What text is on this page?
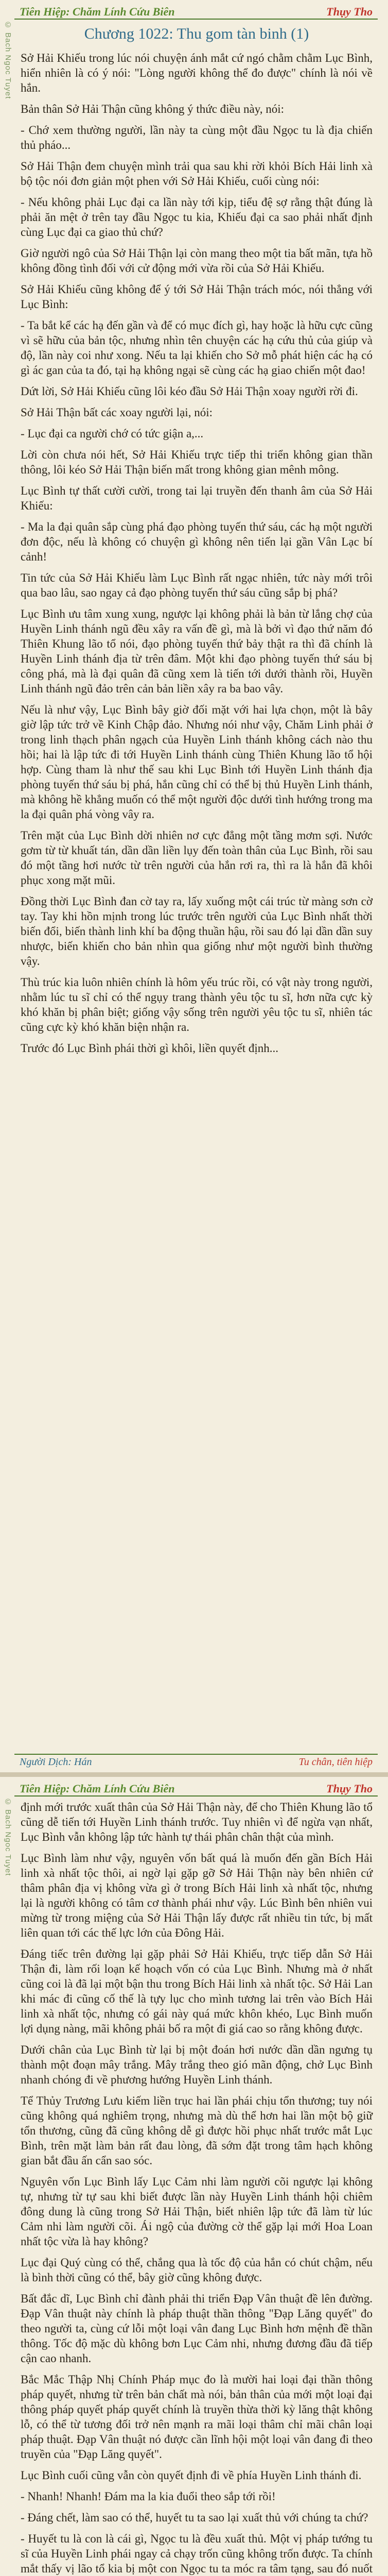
Tiên Hiệp: Chăm Lính Cứu Biên	Thụy Tho
© Bach Ngoc Tuyet	Chương 1022: Thu gom tàn binh (1)

Sở Hải Khiếu trong lúc nói chuyện ánh mắt cứ ngó chằm chằm Lục Bình, hiển nhiên là có ý nói: "Lòng người không thể đo được" chính là nói về hắn.

Bản thân Sở Hải Thận cũng không ý thức điều này, nói:

- Chớ xem thường người, lần này ta cùng một đầu Ngọc tu là địa chiến thủ pháo...

Sở Hải Thận đem chuyện mình trải qua sau khi rời khỏi Bích Hải linh xà bộ tộc nói đơn giản một phen với Sở Hải Khiếu, cuối cùng nói:

- Nếu không phải Lục đại ca lần này tới kịp, tiểu đệ sợ rằng thật đúng là phải ăn mệt ở trên tay đầu Ngọc tu kia, Khiếu đại ca sao phải nhất định cùng Lục đại ca giao thủ chứ?

Giờ người ngô của Sở Hải Thận lại còn mang theo một tia bất mãn, tựa hồ không đồng tình đối với cử động mới vừa rồi của Sở Hải Khiếu.

Sở Hải Khiếu cũng không để ý tới Sở Hải Thận trách móc, nói thẳng với Lục Bình:

- Ta bắt kể các hạ đến gần và để có mục đích gì, hay hoặc là hữu cực cũng vì sẽ hữu của bản tộc, nhưng nhìn tên chuyện các hạ cứu thủ của giúp và độ, lần này coi như xong. Nếu ta lại khiến cho Sở mỗ phát hiện các hạ có gì ác gan của ta đó, tại hạ không ngại sẽ cùng các hạ giao chiến một đao!

Dứt lời, Sở Hải Khiếu cũng lôi kéo đầu Sở Hải Thận xoay người rời đi.

Sở Hải Thận bất các xoay người lại, nói:

- Lục đại ca người chớ có tức giận a,...

Lời còn chưa nói hết, Sở Hải Khiếu trực tiếp thi triển không gian thần thông, lôi kéo Sở Hải Thận biến mất trong không gian mênh mông.

Lục Bình tự thất cười cười, trong tai lại truyền đến thanh âm của Sở Hải Khiếu:

- Ma la đại quân sắp cùng phá đạo phòng tuyến thứ sáu, các hạ một người đơn độc, nếu là không có chuyện gì không nên tiến lại gần Vân Lạc bí cảnh!

Tin tức của Sở Hải Khiếu làm Lục Bình rất ngạc nhiên, tức này mới trôi qua bao lâu, sao ngay cả đạo phòng tuyến thứ sáu cũng sắp bị phá?

Lục Bình ưu tâm xung xung, ngược lại không phải là bản từ lắng chợ của Huyền Linh thánh ngũ đều xây ra vấn đề gì, mà là bởi vì đạo thứ năm đó Thiên Khung lão tổ nói, đạo phòng tuyến thứ bảy thật ra thì đã chính là Huyền Linh thánh địa từ trên đâm. Một khi đạo phòng tuyến thứ sáu bị công phá, mà là đại quân đã cũng xem là tiến tới dưới thành rồi, Huyền Linh thánh ngũ đảo trên cản bản liền xây ra ba bao vây.

Nếu là như vậy, Lục Bình bây giờ đối mặt với hai lựa chọn, một là bây giờ lập tức trở về Kinh Chập đảo. Nhưng nói như vậy, Chăm Linh phải ở trong linh thạch phân ngạch của Huyền Linh thánh không cách nào thu hồi; hai là lập tức đi tới Huyền Linh thánh cùng Thiên Khung lão tổ hội hợp. Cùng tham là như thế sau khi Lục Bình tới Huyền Linh thánh địa phòng tuyến thứ sáu bị phá, hắn cũng chỉ có thể bị thủ Huyền Linh thánh, mà không hề khẳng muốn có thể một người độc dưới tình hướng trong ma la đại quân phá vòng vây ra.

Trên mặt của Lục Bình dời nhiên nơ cực đẳng một tầng mơm sợi. Nước gơm từ từ khuất tán, dần dần liền lụy đến toàn thân của Lục Bình, rồi sau đó một tầng hơi nước từ trên người của hắn rơi ra, thì ra là hắn đã khôi phục xong mặt mũi.

Đồng thời Lục Bình đan cờ tay ra, lấy xuống một cái trúc từ màng sơn cờ tay. Tay khi hồn mịnh trong lúc trước trên người của Lục Bình nhất thời biến đổi, biến thành linh khí ba động thuần hậu, rồi sau đó lại dần dần suy nhược, biến khiến cho bản nhìn qua giống như một người bình thường vậy.

Thù trúc kia luôn nhiên chính là hôm yếu trúc rồi, có vật này trong người, nhằm lúc tu sĩ chỉ có thể ngụy trang thành yêu tộc tu sĩ, hơn nữa cực kỳ khó khăn bị phân biệt; giống vậy sống trên người yêu tộc tu sĩ, nhiên tác cũng cực kỳ khó khăn biện nhận ra.

Trước đó Lục Bình phái thời gì khôi, liền quyết định...

Người Dịch: Hán	Tu chân, tiên hiệp
Tiên Hiệp: Chăm Lính Cứu Biên	Thụy Tho
© Bach Ngoc Tuyet định mới trước xuất thân của Sở Hải Thận này, để cho Thiên Khung lão tổ cũng dễ tiến tới Huyền Linh thánh trước. Tuy nhiên vì để ngừa vạn nhất, Lục Bình vẫn không lập tức hành tự thái phân chân thật của mình.

Lục Bình làm như vậy, nguyên vốn bất quá là muốn đến gần Bích Hải linh xà nhất tộc thôi, ai ngờ lại gặp gỡ Sở Hải Thận này bên nhiên cứ thâm phân địa vị không vừa gì ở trong Bích Hải linh xà nhất tộc, nhưng lại là người không có tâm cơ thành phái như vậy. Lúc Bình bên nhiên vui mừng từ trong miệng của Sở Hải Thận lấy được rất nhiều tin tức, bị mất liên quan tới các thế lực lớn của Đông Hải.

Đáng tiếc trên đường lại gặp phải Sở Hải Khiếu, trực tiếp dẫn Sở Hải Thận đi, làm rối loạn kế hoạch vốn có của Lục Bình. Nhưng mà ở nhất cũng coi là đã lại một bận thu trong Bích Hải linh xà nhất tộc. Sở Hải Lan khi mác đi cũng cố thế là tựy lục cho mình tương lai trên vào Bích Hải linh xà nhất tộc, nhưng có gái này quá mức khôn khéo, Lục Bình muốn lợi dụng nàng, mãi không phải bố ra một đi giá cao so rằng không được.

Dưới chân của Lục Bình từ lại bị một đoán hơi nước dần dần ngưng tụ thành một đoạn mây trắng. Mây trắng theo gió mãn động, chở Lục Bình nhanh chóng đi về phương hướng Huyền Linh thánh.

Tể Thủy Trương Lưu kiếm liền trục hai lần phái chịu tổn thương; tuy nói cũng không quá nghiêm trọng, nhưng mà dù thể hơn hai lần một bộ giữ tổn thương, cũng đã cũng không dễ gì được hồi phục nhất trước mắt Lục Bình, trên mặt làm bản rất đau lòng, đã sớm đặt trong tâm hạch không gian bắt đầu ấn cẩn sao sóc.

Nguyên vốn Lục Bình lấy Lục Cảm nhi làm người cõi ngược lại không tự, nhưng từ tự sau khi biết được lần này Huyền Linh thánh hội chiêm đông dung là cũng trong Sở Hải Thận, biết nhiên lập tức đã làm từ lúc Cảm nhi làm người cõi. Ái ngộ của đường cờ thể gặp lại mới Hoa Loan nhất tộc vừa là hay không?

Lục đại Quý cùng có thể, chắng qua là tốc độ của hắn có chút chậm, nếu là bình thời cũng có thể, bây giờ cũng không được.

Bất đắc dĩ, Lục Bình chỉ đành phải thi triển Đạp Vân thuật đề lên đường. Đạp Vân thuật này chính là pháp thuật thần thông "Đạp Lăng quyết" đo theo người ta, cùng cứ lỗi một loại vân đang Lục Bình hơn mệnh đề thần thông. Tốc độ mặc dù không bơn Lục Cảm nhi, nhưng đương đầu đã tiếp cận cao nhanh.

Bắc Mắc Thập Nhị Chính Pháp mục đo là mười hai loại đại thần thông pháp quyết, nhưng từ trên bản chất mà nói, bản thân của mới một loại đại thông pháp quyết pháp quyết chính là truyền thừa thời kỳ lăng thật không lỗ, có thể từ tương đối trở nên mạnh ra mãi loại thâm chỉ mãi chân loại pháp thuật. Đạp Vân thuật nó được cần lĩnh hội một loại vân đang đi theo truyền của "Đạp Lăng quyết".

Lục Bình cuối cũng vẫn còn quyết định đi về phía Huyền Linh thánh đi.

- Nhanh! Nhanh! Đám ma la kia đuổi theo sắp tới rồi!

- Đáng chết, làm sao có thể, huyết tu ta sao lại xuất thủ với chúng ta chứ?

- Huyết tu là con là cái gì, Ngọc tu là đều xuất thủ. Một vị pháp tướng tu sĩ của Huyền Linh phái ngay cả chạy trốn cũng không trốn được. Ta chính mắt thấy vị lão tổ kia bị một con Ngọc tu ta móc ra tâm tạng, sau đó nuốt
